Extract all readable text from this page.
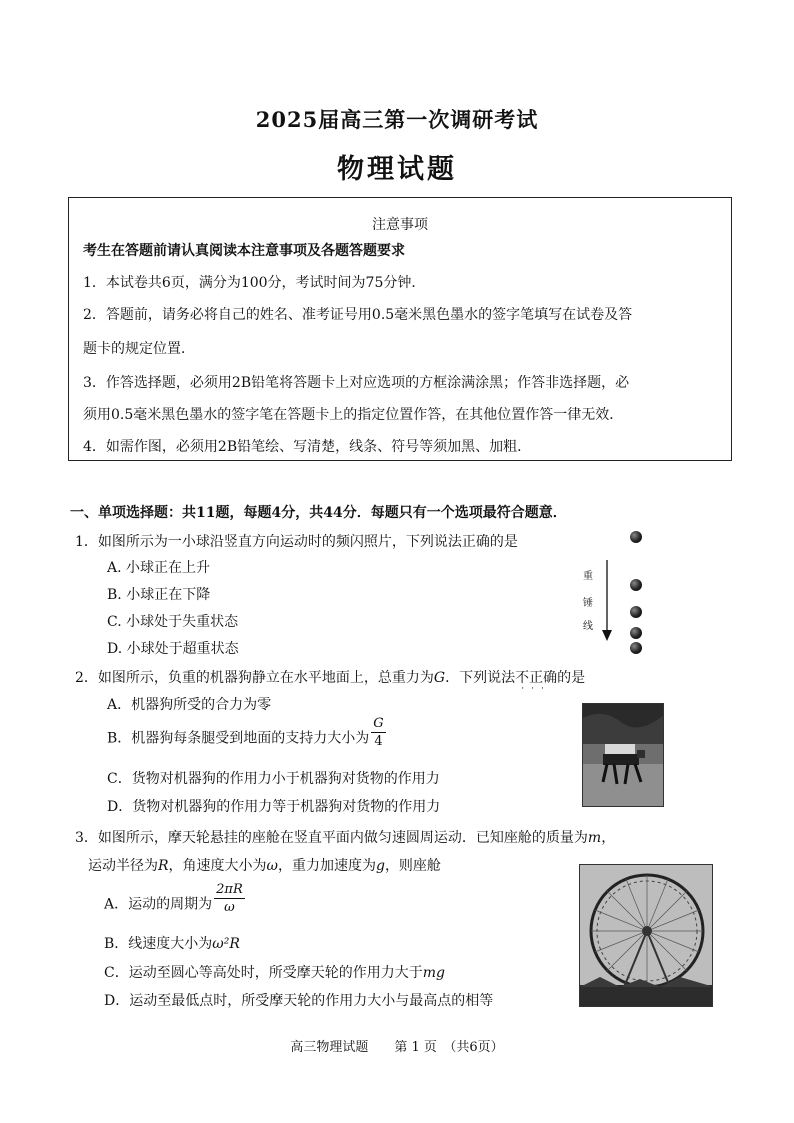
2025届高三第一次调研考试
物理试题
注意事项
考生在答题前请认真阅读本注意事项及各题答题要求
1．本试卷共6页，满分为100分，考试时间为75分钟．
2．答题前，请务必将自己的姓名、准考证号用0.5毫米黑色墨水的签字笔填写在试卷及答
题卡的规定位置．
3．作答选择题，必须用2B铅笔将答题卡上对应选项的方框涂满涂黑；作答非选择题，必
须用0.5毫米黑色墨水的签字笔在答题卡上的指定位置作答，在其他位置作答一律无效．
4．如需作图，必须用2B铅笔绘、写清楚，线条、符号等须加黑、加粗．
一、单项选择题：共11题，每题4分，共44分．每题只有一个选项最符合题意．
1．如图所示为一小球沿竖直方向运动时的频闪照片，下列说法正确的是
A. 小球正在上升
B. 小球正在下降
C. 小球处于失重状态
D. 小球处于超重状态
重
锤
线
2．如图所示，负重的机器狗静立在水平地面上，总重力为G．下列说法不正确
···
的是
A．机器狗所受的合力为零
B．机器狗每条腿受到地面的支持力大小为 $\frac{G}{4}$
C．货物对机器狗的作用力小于机器狗对货物的作用力
D．货物对机器狗的作用力等于机器狗对货物的作用力
3．如图所示，摩天轮悬挂的座舱在竖直平面内做匀速圆周运动．已知座舱的质量为m，
运动半径为R，角速度大小为ω，重力加速度为g，则座舱
A．运动的周期为 $\frac{2\pi R}{\omega}$
B．线速度大小为ω²R
C．运动至圆心等高处时，所受摩天轮的作用力大于mg
D．运动至最低点时，所受摩天轮的作用力大小与最高点的相等
高三物理试题　　第 1 页　（共6页）
